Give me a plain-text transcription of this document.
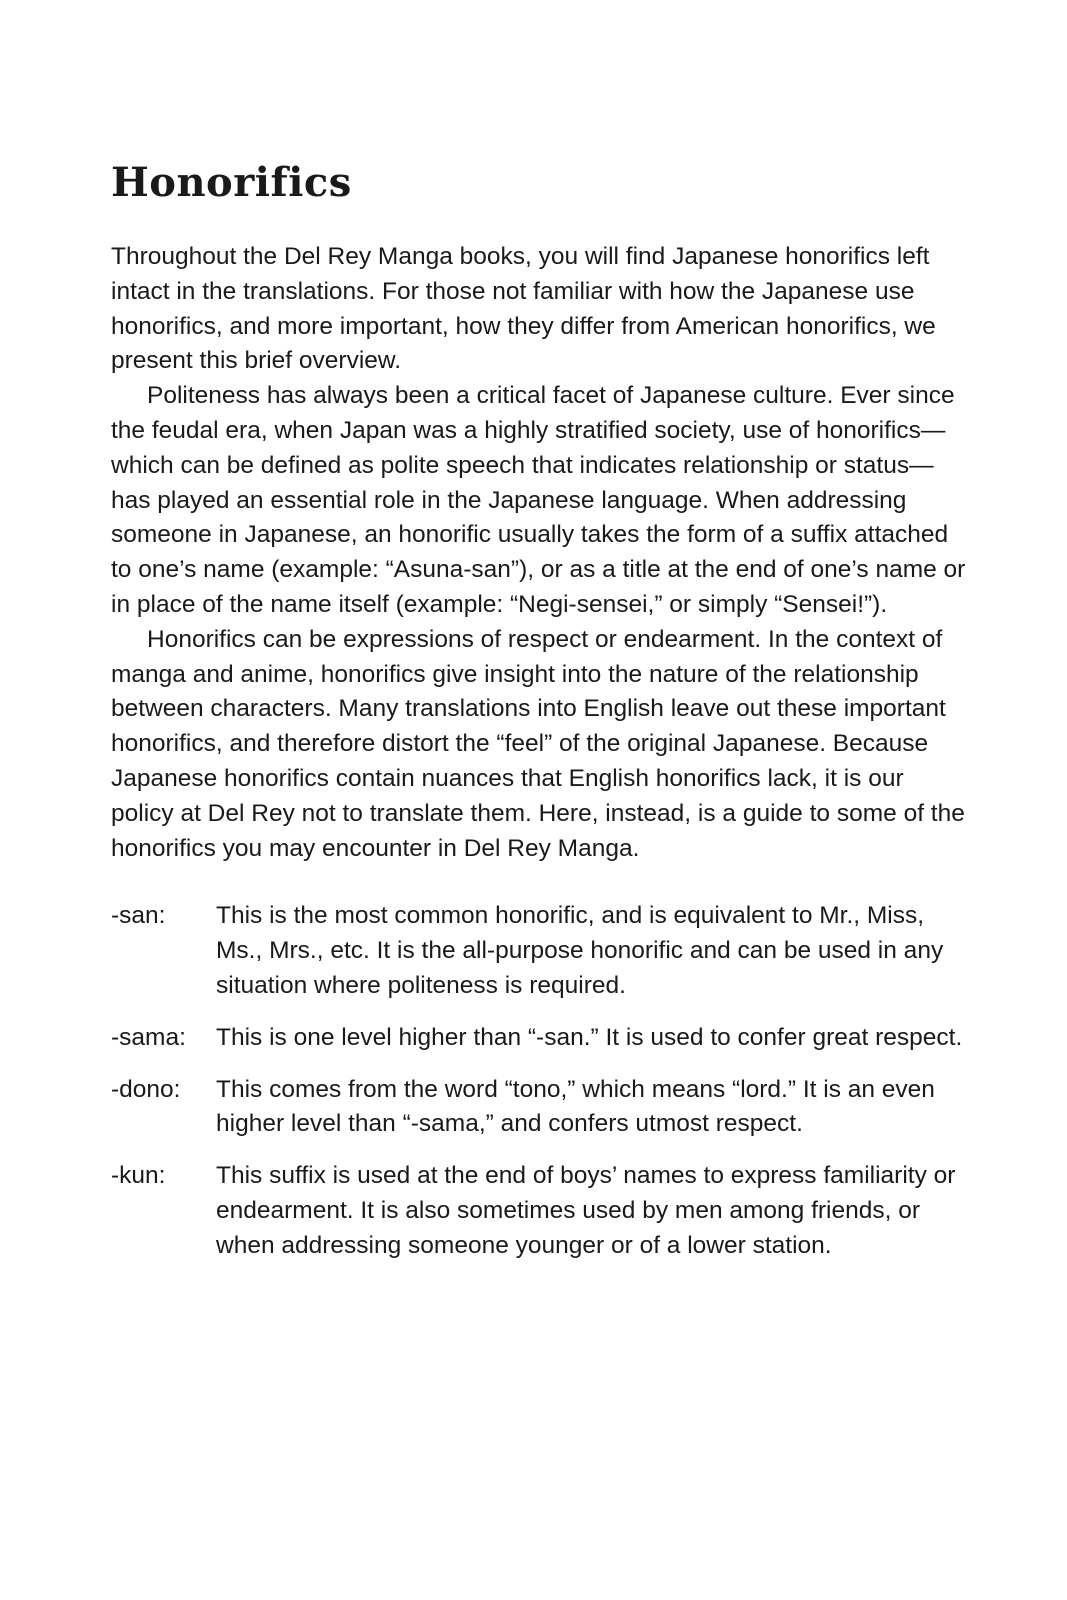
Honorifics

Throughout the Del Rey Manga books, you will find Japanese honorifics left intact in the translations. For those not familiar with how the Japanese use honorifics, and more important, how they differ from American honorifics, we present this brief overview.

Politeness has always been a critical facet of Japanese culture. Ever since the feudal era, when Japan was a highly stratified society, use of honorifics—which can be defined as polite speech that indicates relationship or status—has played an essential role in the Japanese language. When addressing someone in Japanese, an honorific usually takes the form of a suffix attached to one’s name (example: “Asuna-san”), or as a title at the end of one’s name or in place of the name itself (example: “Negi-sensei,” or simply “Sensei!”).

Honorifics can be expressions of respect or endearment. In the context of manga and anime, honorifics give insight into the nature of the relationship between characters. Many translations into English leave out these important honorifics, and therefore distort the “feel” of the original Japanese. Because Japanese honorifics contain nuances that English honorifics lack, it is our policy at Del Rey not to translate them. Here, instead, is a guide to some of the honorifics you may encounter in Del Rey Manga.

-san:	This is the most common honorific, and is equivalent to Mr., Miss, Ms., Mrs., etc. It is the all-purpose honorific and can be used in any situation where politeness is required.
-sama:	This is one level higher than “-san.” It is used to confer great respect.
-dono:	This comes from the word “tono,” which means “lord.” It is an even higher level than “-sama,” and confers utmost respect.
-kun:	This suffix is used at the end of boys’ names to express familiarity or endearment. It is also sometimes used by men among friends, or when addressing someone younger or of a lower station.
